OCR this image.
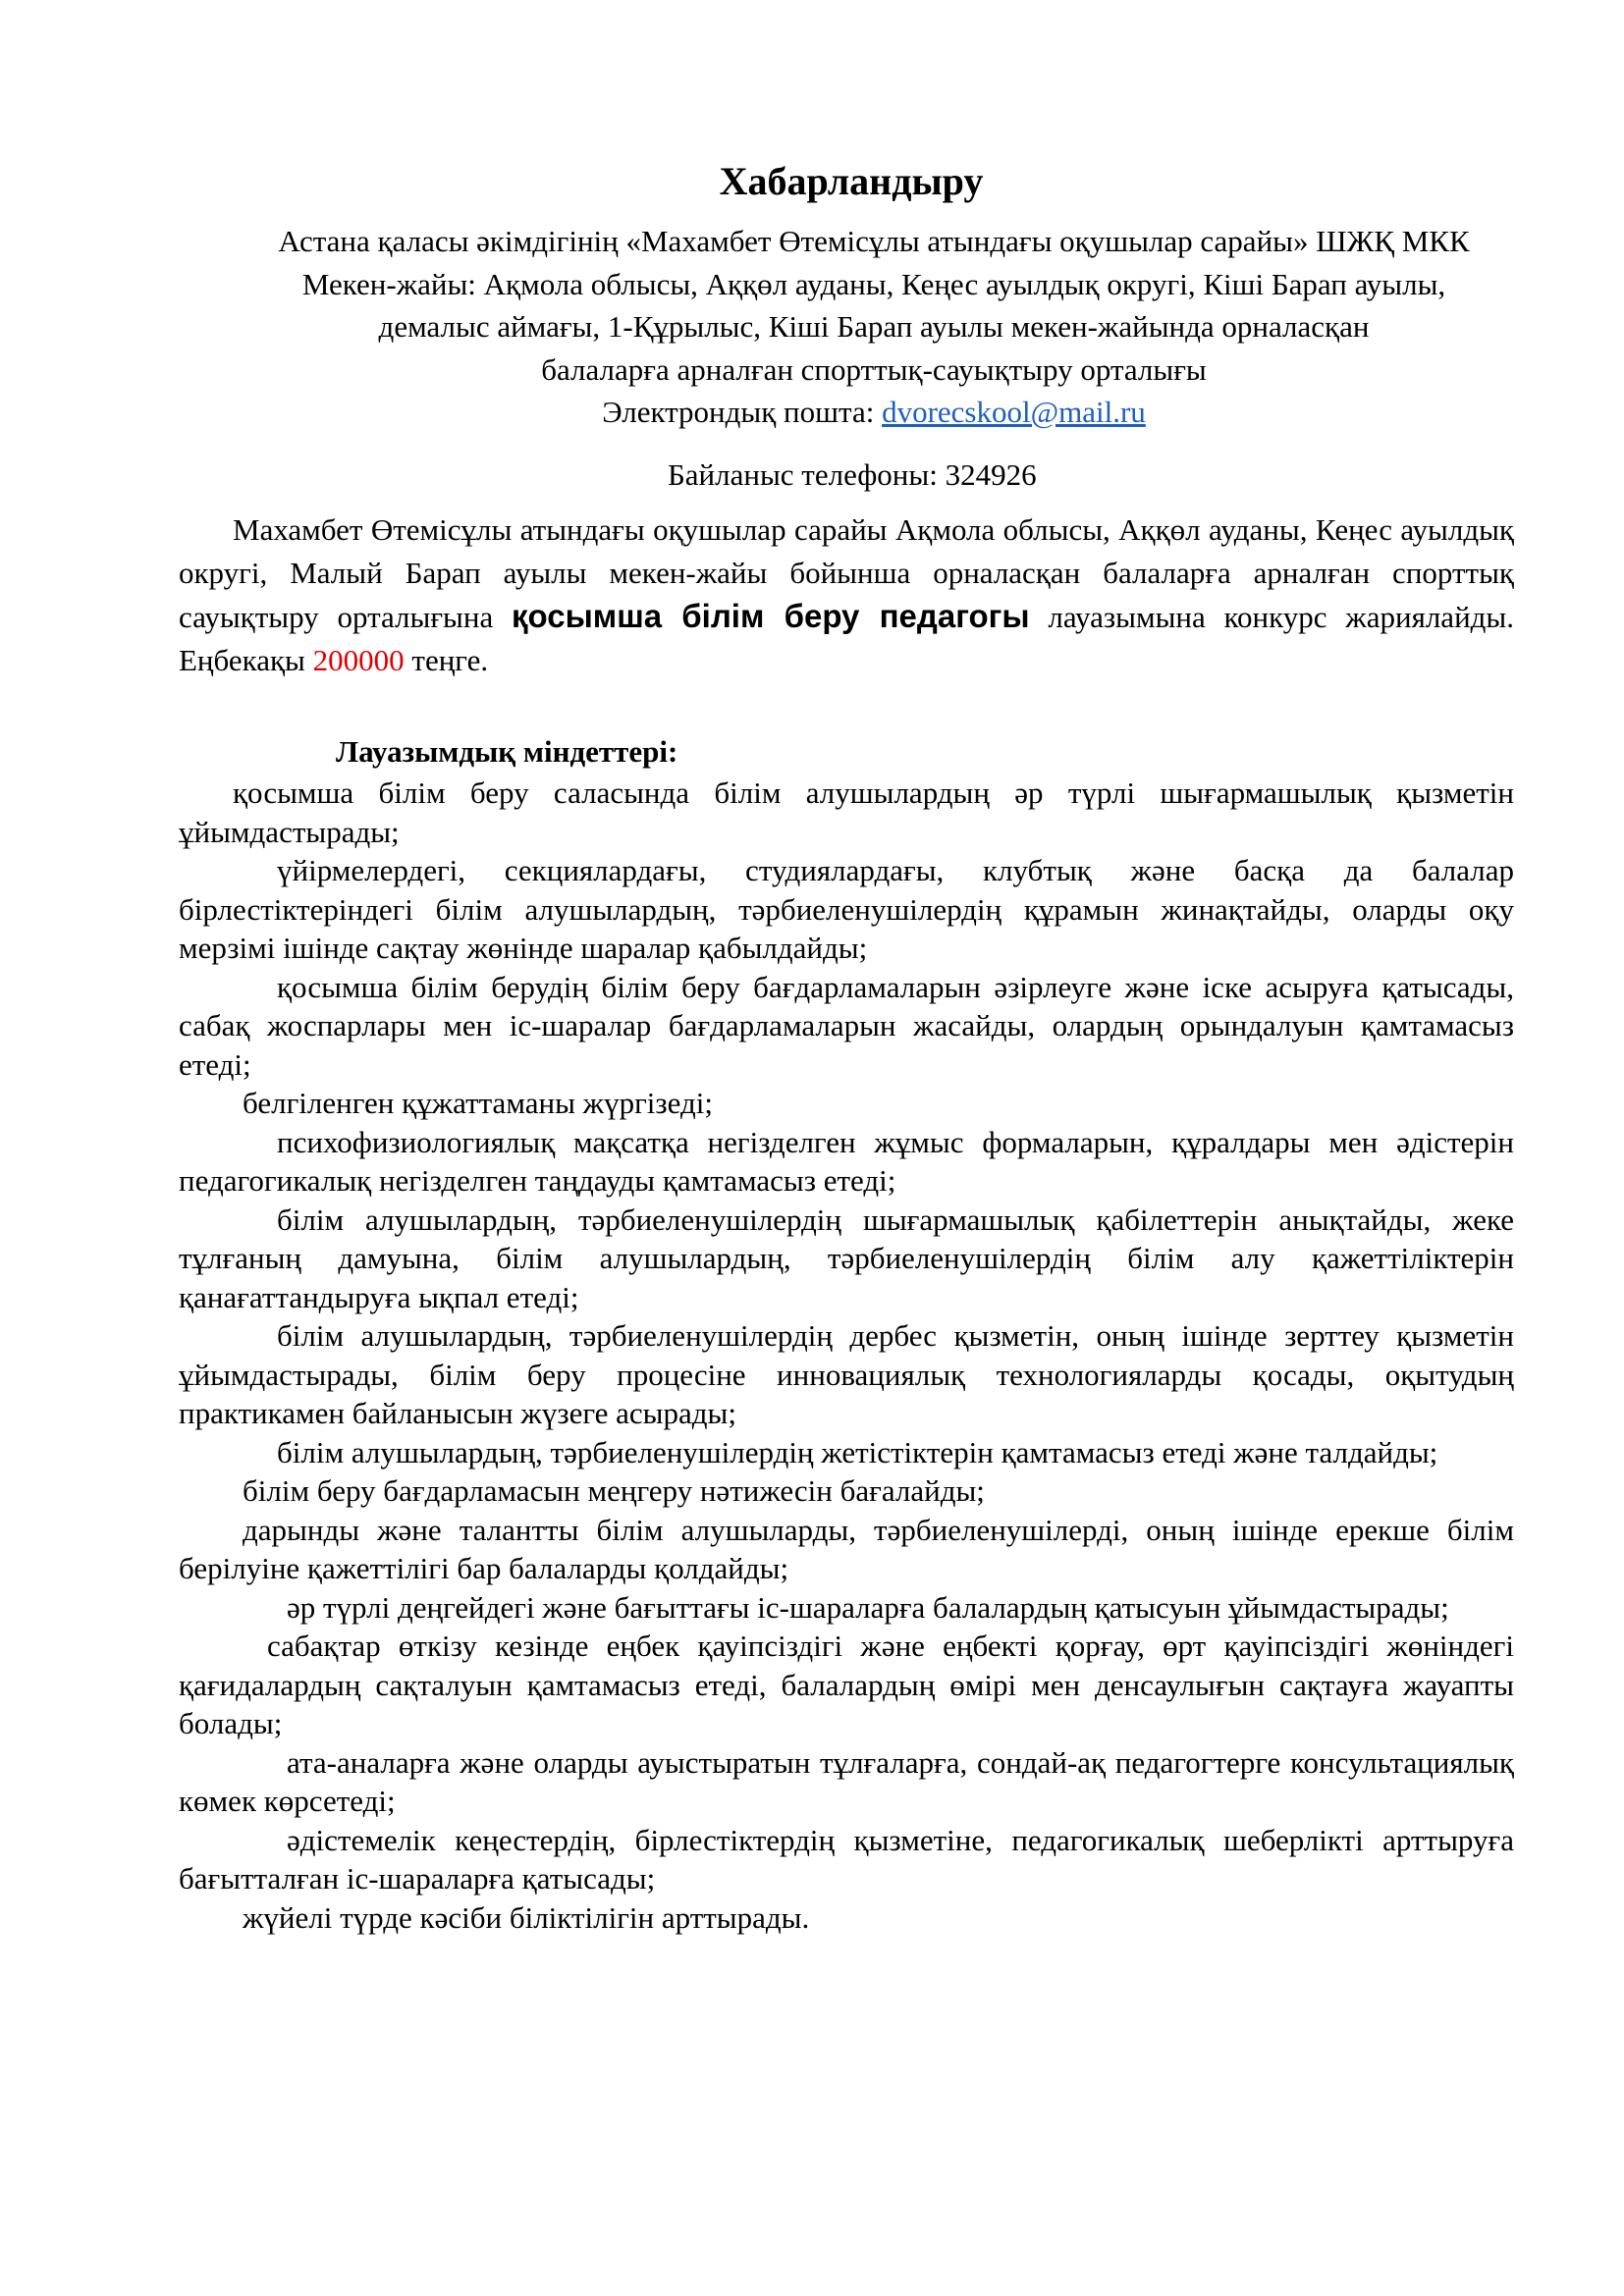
Хабарландыру
Астана қаласы әкімдігінің «Махамбет Өтемісұлы атындағы оқушылар сарайы» ШЖҚ МКК
Мекен-жайы: Ақмола облысы, Аққөл ауданы, Кеңес ауылдық округі, Кіші Барап ауылы,
демалыс аймағы, 1-Құрылыс, Кіші Барап ауылы мекен-жайында орналасқан
балаларға арналған спорттық-сауықтыру орталығы
Электрондық пошта: dvorecskool@mail.ru
Байланыс телефоны: 324926

Махамбет Өтемісұлы атындағы оқушылар сарайы Ақмола облысы, Аққөл ауданы, Кеңес ауылдық округі, Малый Барап ауылы мекен-жайы бойынша орналасқан балаларға арналған спорттық сауықтыру орталығына қосымша білім беру педагогы лауазымына конкурс жариялайды. Еңбекақы 200000 теңге.

Лауазымдық міндеттері:
қосымша білім беру саласында білім алушылардың әр түрлі шығармашылық қызметін ұйымдастырады;
үйірмелердегі, секциялардағы, студиялардағы, клубтық және басқа да балалар бірлестіктеріндегі білім алушылардың, тәрбиеленушілердің құрамын жинақтайды, оларды оқу мерзімі ішінде сақтау жөнінде шаралар қабылдайды;
қосымша білім берудің білім беру бағдарламаларын әзірлеуге және іске асыруға қатысады, сабақ жоспарлары мен іс-шаралар бағдарламаларын жасайды, олардың орындалуын қамтамасыз етеді;
белгіленген құжаттаманы жүргізеді;
психофизиологиялық мақсатқа негізделген жұмыс формаларын, құралдары мен әдістерін педагогикалық негізделген таңдауды қамтамасыз етеді;
білім алушылардың, тәрбиеленушілердің шығармашылық қабілеттерін анықтайды, жеке тұлғаның дамуына, білім алушылардың, тәрбиеленушілердің білім алу қажеттіліктерін қанағаттандыруға ықпал етеді;
білім алушылардың, тәрбиеленушілердің дербес қызметін, оның ішінде зерттеу қызметін ұйымдастырады, білім беру процесіне инновациялық технологияларды қосады, оқытудың практикамен байланысын жүзеге асырады;
білім алушылардың, тәрбиеленушілердің жетістіктерін қамтамасыз етеді және талдайды;
білім беру бағдарламасын меңгеру нәтижесін бағалайды;
дарынды және талантты білім алушыларды, тәрбиеленушілерді, оның ішінде ерекше білім берілуіне қажеттілігі бар балаларды қолдайды;
әр түрлі деңгейдегі және бағыттағы іс-шараларға балалардың қатысуын ұйымдастырады;
сабақтар өткізу кезінде еңбек қауіпсіздігі және еңбекті қорғау, өрт қауіпсіздігі жөніндегі қағидалардың сақталуын қамтамасыз етеді, балалардың өмірі мен денсаулығын сақтауға жауапты болады;
ата-аналарға және оларды ауыстыратын тұлғаларға, сондай-ақ педагогтерге консультациялық көмек көрсетеді;
әдістемелік кеңестердің, бірлестіктердің қызметіне, педагогикалық шеберлікті арттыруға бағытталған іс-шараларға қатысады;
жүйелі түрде кәсіби біліктілігін арттырады.
